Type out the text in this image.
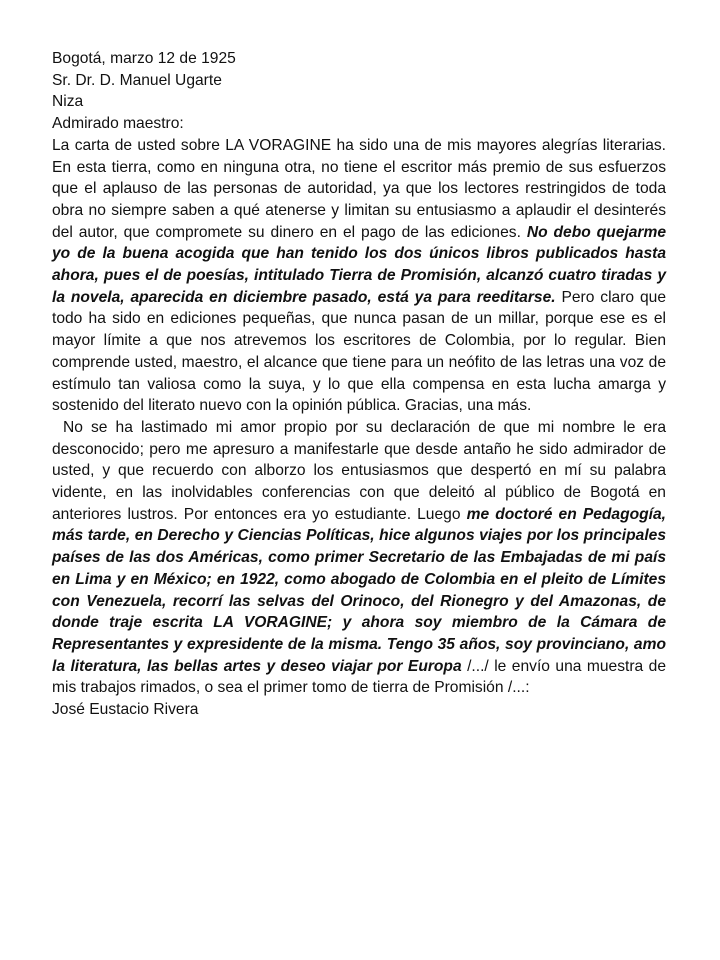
Bogotá, marzo 12 de 1925

Sr. Dr. D. Manuel Ugarte

Niza

Admirado maestro:

La carta de usted sobre LA VORAGINE ha sido una de mis mayores alegrías literarias. En esta tierra, como en ninguna otra, no tiene el escritor más premio de sus esfuerzos que el aplauso de las personas de autoridad, ya que los lectores restringidos de toda obra no siempre saben a qué atenerse y limitan su entusiasmo a aplaudir el desinterés del autor, que compromete su dinero en el pago de las ediciones. No debo quejarme yo de la buena acogida que han tenido los dos únicos libros publicados hasta ahora, pues el de poesías, intitulado Tierra de Promisión, alcanzó cuatro tiradas y la novela, aparecida en diciembre pasado, está ya para reeditarse. Pero claro que todo ha sido en ediciones pequeñas, que nunca pasan de un millar, porque ese es el mayor límite a que nos atrevemos los escritores de Colombia, por lo regular. Bien comprende usted, maestro, el alcance que tiene para un neófito de las letras una voz de estímulo tan valiosa como la suya, y lo que ella compensa en esta lucha amarga y sostenido del literato nuevo con la opinión pública. Gracias, una más.

No se ha lastimado mi amor propio por su declaración de que mi nombre le era desconocido; pero me apresuro a manifestarle que desde antaño he sido admirador de usted, y que recuerdo con alborzo los entusiasmos que despertó en mí su palabra vidente, en las inolvidables conferencias con que deleitó al público de Bogotá en anteriores lustros. Por entonces era yo estudiante. Luego me doctoré en Pedagogía, más tarde, en Derecho y Ciencias Políticas, hice algunos viajes por los principales países de las dos Américas, como primer Secretario de las Embajadas de mi país en Lima y en México; en 1922, como abogado de Colombia en el pleito de Límites con Venezuela, recorrí las selvas del Orinoco, del Rionegro y del Amazonas, de donde traje escrita LA VORAGINE; y ahora soy miembro de la Cámara de Representantes y expresidente de la misma. Tengo 35 años, soy provinciano, amo la literatura, las bellas artes y deseo viajar por Europa /.../ le envío una muestra de mis trabajos rimados, o sea el primer tomo de tierra de Promisión /...:

José Eustacio Rivera
